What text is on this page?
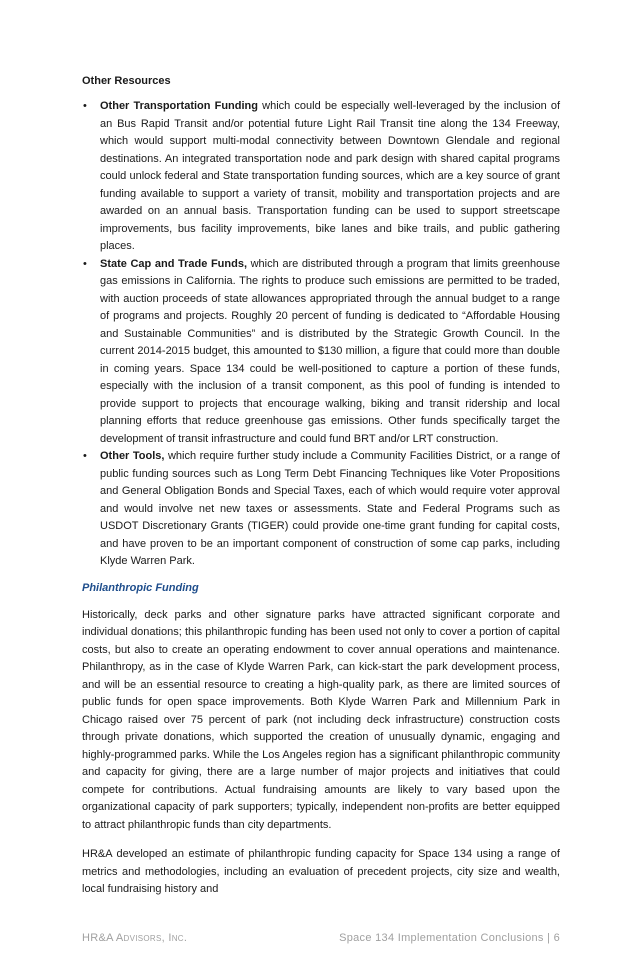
Other Resources
• Other Transportation Funding which could be especially well-leveraged by the inclusion of an Bus Rapid Transit and/or potential future Light Rail Transit tine along the 134 Freeway, which would support multi-modal connectivity between Downtown Glendale and regional destinations. An integrated transportation node and park design with shared capital programs could unlock federal and State transportation funding sources, which are a key source of grant funding available to support a variety of transit, mobility and transportation projects and are awarded on an annual basis. Transportation funding can be used to support streetscape improvements, bus facility improvements, bike lanes and bike trails, and public gathering places.
• State Cap and Trade Funds, which are distributed through a program that limits greenhouse gas emissions in California. The rights to produce such emissions are permitted to be traded, with auction proceeds of state allowances appropriated through the annual budget to a range of programs and projects. Roughly 20 percent of funding is dedicated to “Affordable Housing and Sustainable Communities” and is distributed by the Strategic Growth Council. In the current 2014-2015 budget, this amounted to $130 million, a figure that could more than double in coming years. Space 134 could be well-positioned to capture a portion of these funds, especially with the inclusion of a transit component, as this pool of funding is intended to provide support to projects that encourage walking, biking and transit ridership and local planning efforts that reduce greenhouse gas emissions. Other funds specifically target the development of transit infrastructure and could fund BRT and/or LRT construction.
• Other Tools, which require further study include a Community Facilities District, or a range of public funding sources such as Long Term Debt Financing Techniques like Voter Propositions and General Obligation Bonds and Special Taxes, each of which would require voter approval and would involve net new taxes or assessments. State and Federal Programs such as USDOT Discretionary Grants (TIGER) could provide one-time grant funding for capital costs, and have proven to be an important component of construction of some cap parks, including Klyde Warren Park.
Philanthropic Funding

Historically, deck parks and other signature parks have attracted significant corporate and individual donations; this philanthropic funding has been used not only to cover a portion of capital costs, but also to create an operating endowment to cover annual operations and maintenance. Philanthropy, as in the case of Klyde Warren Park, can kick-start the park development process, and will be an essential resource to creating a high-quality park, as there are limited sources of public funds for open space improvements. Both Klyde Warren Park and Millennium Park in Chicago raised over 75 percent of park (not including deck infrastructure) construction costs through private donations, which supported the creation of unusually dynamic, engaging and highly-programmed parks. While the Los Angeles region has a significant philanthropic community and capacity for giving, there are a large number of major projects and initiatives that could compete for contributions. Actual fundraising amounts are likely to vary based upon the organizational capacity of park supporters; typically, independent non-profits are better equipped to attract philanthropic funds than city departments.

HR&A developed an estimate of philanthropic funding capacity for Space 134 using a range of metrics and methodologies, including an evaluation of precedent projects, city size and wealth, local fundraising history and

HR&A Advisors, Inc.	Space 134 Implementation Conclusions | 6
